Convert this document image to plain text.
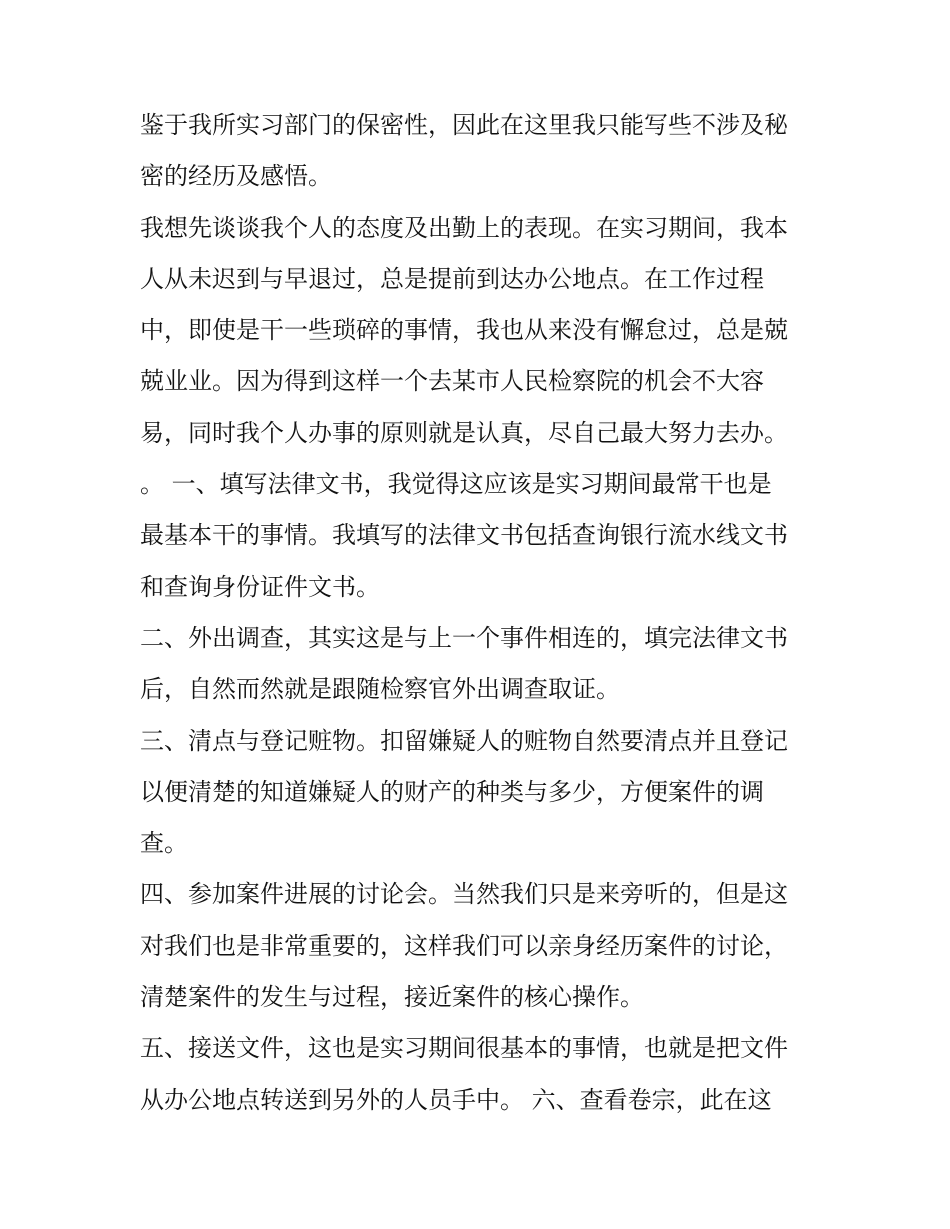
鉴于我所实习部门的保密性，因此在这里我只能写些不涉及秘
密的经历及感悟。
我想先谈谈我个人的态度及出勤上的表现。在实习期间，我本
人从未迟到与早退过，总是提前到达办公地点。在工作过程
中，即使是干一些琐碎的事情，我也从来没有懈怠过，总是兢
兢业业。因为得到这样一个去某市人民检察院的机会不大容
易，同时我个人办事的原则就是认真，尽自己最大努力去办。
。 一、填写法律文书，我觉得这应该是实习期间最常干也是
最基本干的事情。我填写的法律文书包括查询银行流水线文书
和查询身份证件文书。
二、外出调查，其实这是与上一个事件相连的，填完法律文书
后，自然而然就是跟随检察官外出调查取证。
三、清点与登记赃物。扣留嫌疑人的赃物自然要清点并且登记
以便清楚的知道嫌疑人的财产的种类与多少，方便案件的调
查。
四、参加案件进展的讨论会。当然我们只是来旁听的，但是这
对我们也是非常重要的，这样我们可以亲身经历案件的讨论，
清楚案件的发生与过程，接近案件的核心操作。
五、接送文件，这也是实习期间很基本的事情，也就是把文件
从办公地点转送到另外的人员手中。 六、查看卷宗，此在这
